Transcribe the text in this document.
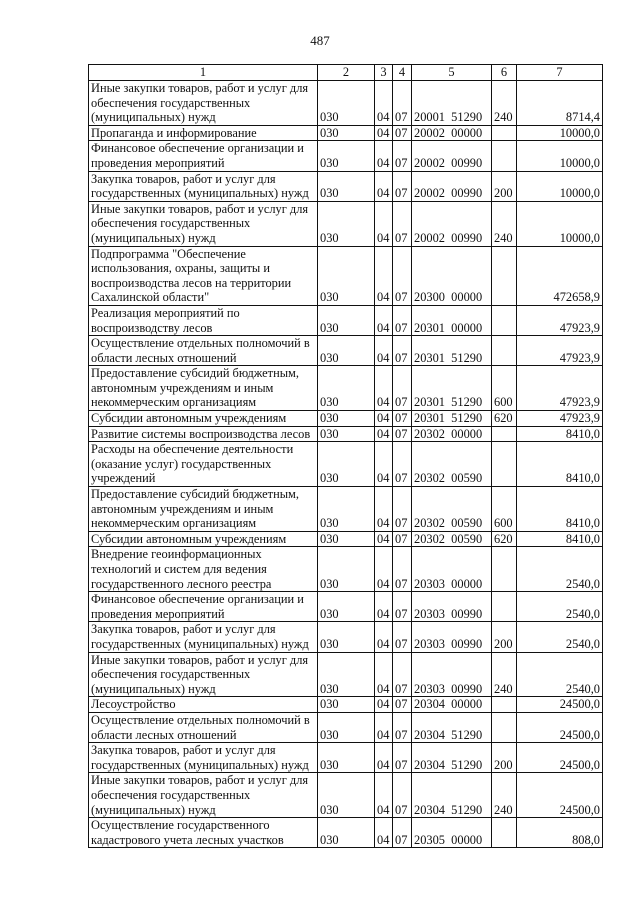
487
1	2	3	4	5	6	7
Иные закупки товаров, работ и услуг для обеспечения государственных (муниципальных) нужд	030	04	07	20001  51290	240	8714,4
Пропаганда и информирование	030	04	07	20002  00000		10000,0
Финансовое обеспечение организации и проведения мероприятий	030	04	07	20002  00990		10000,0
Закупка товаров, работ и услуг для государственных (муниципальных) нужд	030	04	07	20002  00990	200	10000,0
Иные закупки товаров, работ и услуг для обеспечения государственных (муниципальных) нужд	030	04	07	20002  00990	240	10000,0
Подпрограмма "Обеспечение использования, охраны, защиты и воспроизводства лесов на территории Сахалинской области"	030	04	07	20300  00000		472658,9
Реализация мероприятий по воспроизводству лесов	030	04	07	20301  00000		47923,9
Осуществление отдельных полномочий в области лесных отношений	030	04	07	20301  51290		47923,9
Предоставление субсидий бюджетным, автономным учреждениям и иным некоммерческим организациям	030	04	07	20301  51290	600	47923,9
Субсидии автономным учреждениям	030	04	07	20301  51290	620	47923,9
Развитие системы воспроизводства лесов	030	04	07	20302  00000		8410,0
Расходы на обеспечение деятельности (оказание услуг) государственных учреждений	030	04	07	20302  00590		8410,0
Предоставление субсидий бюджетным, автономным учреждениям и иным некоммерческим организациям	030	04	07	20302  00590	600	8410,0
Субсидии автономным учреждениям	030	04	07	20302  00590	620	8410,0
Внедрение геоинформационных технологий и систем для ведения государственного лесного реестра	030	04	07	20303  00000		2540,0
Финансовое обеспечение организации и проведения мероприятий	030	04	07	20303  00990		2540,0
Закупка товаров, работ и услуг для государственных (муниципальных) нужд	030	04	07	20303  00990	200	2540,0
Иные закупки товаров, работ и услуг для обеспечения государственных (муниципальных) нужд	030	04	07	20303  00990	240	2540,0
Лесоустройство	030	04	07	20304  00000		24500,0
Осуществление отдельных полномочий в области лесных отношений	030	04	07	20304  51290		24500,0
Закупка товаров, работ и услуг для государственных (муниципальных) нужд	030	04	07	20304  51290	200	24500,0
Иные закупки товаров, работ и услуг для обеспечения государственных (муниципальных) нужд	030	04	07	20304  51290	240	24500,0
Осуществление государственного кадастрового учета лесных участков	030	04	07	20305  00000		808,0
